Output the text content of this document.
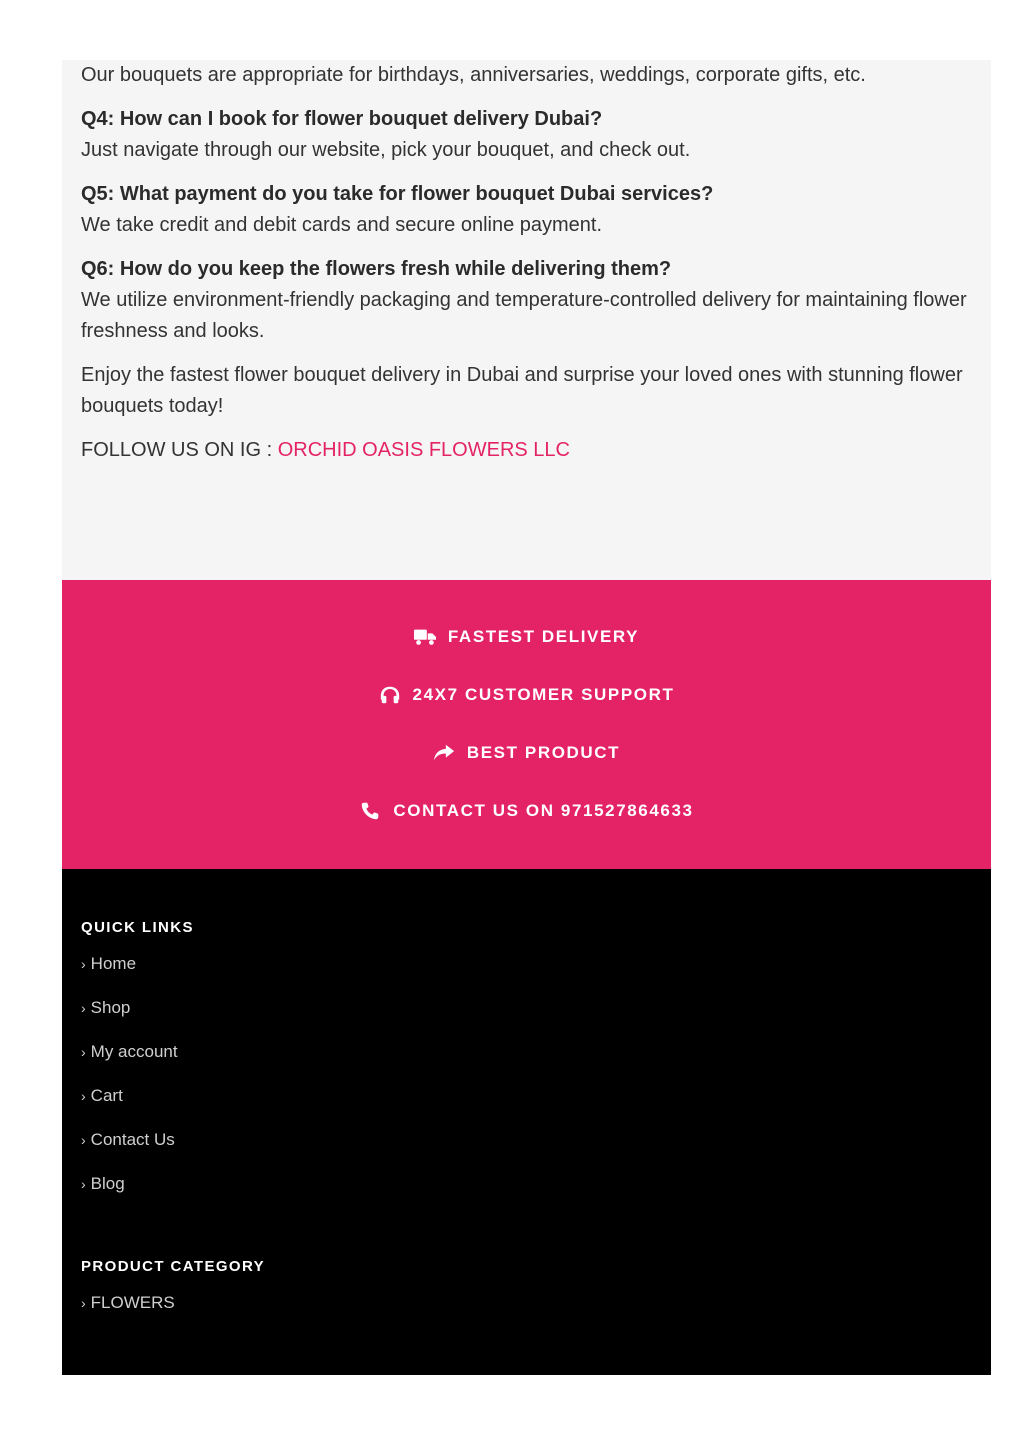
Our bouquets are appropriate for birthdays, anniversaries, weddings, corporate gifts, etc.

Q4: How can I book for flower bouquet delivery Dubai?

Just navigate through our website, pick your bouquet, and check out.

Q5: What payment do you take for flower bouquet Dubai services?

We take credit and debit cards and secure online payment.

Q6: How do you keep the flowers fresh while delivering them?

We utilize environment-friendly packaging and temperature-controlled delivery for maintaining flower freshness and looks.

Enjoy the fastest flower bouquet delivery in Dubai and surprise your loved ones with stunning flower bouquets today!

FOLLOW US ON IG : ORCHID OASIS FLOWERS LLC

FASTEST DELIVERY
24X7 CUSTOMER SUPPORT
BEST PRODUCT
CONTACT US ON 971527864633
QUICK LINKS
› Home
› Shop
› My account
› Cart
› Contact Us
› Blog
PRODUCT CATEGORY
› FLOWERS
